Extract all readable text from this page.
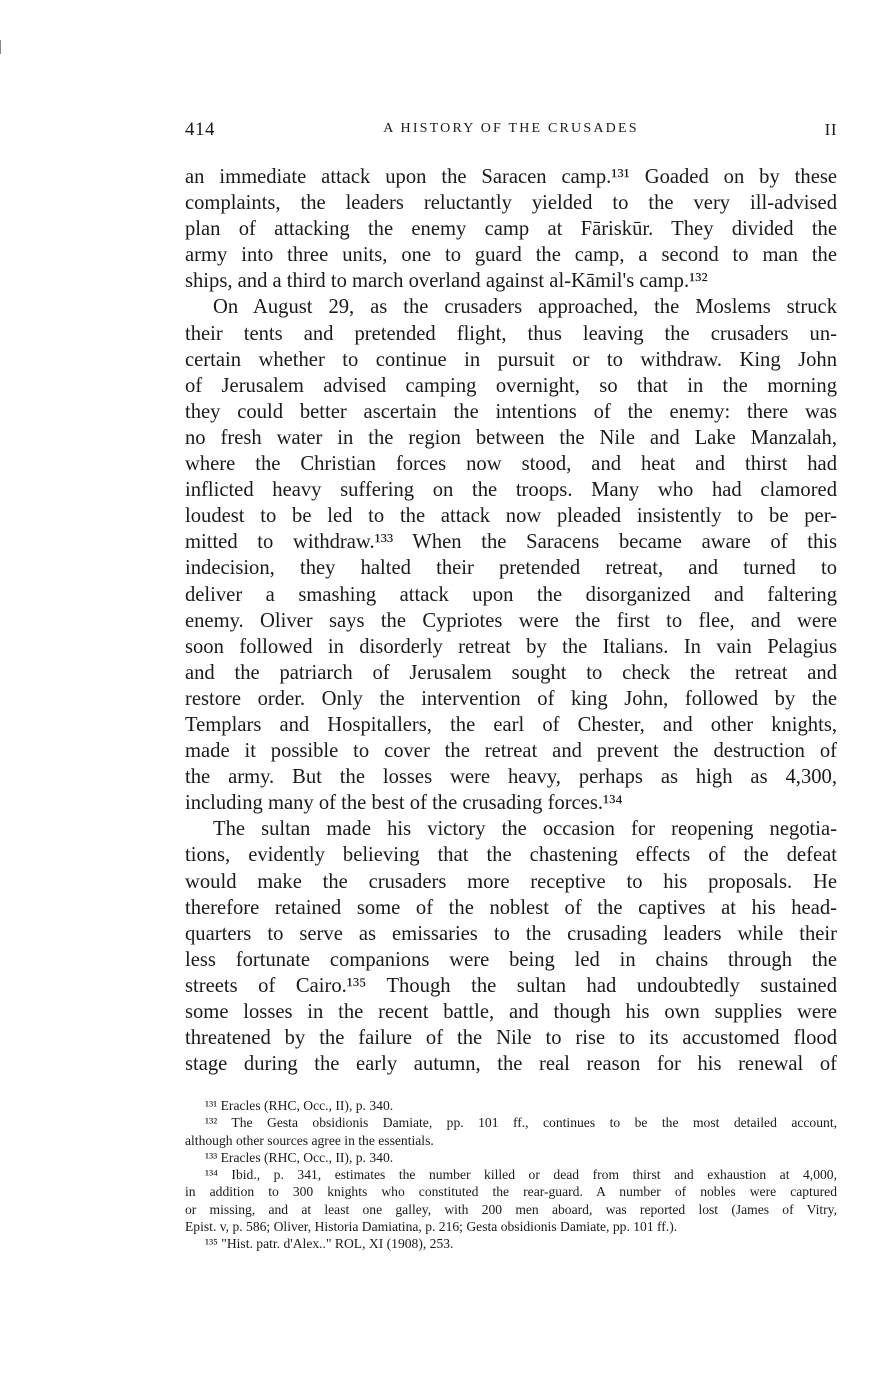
414	A HISTORY OF THE CRUSADES	II
an immediate attack upon the Saracen camp.¹³¹ Goaded on by these
complaints, the leaders reluctantly yielded to the very ill-advised
plan of attacking the enemy camp at Fāriskūr. They divided the
army into three units, one to guard the camp, a second to man the
ships, and a third to march overland against al-Kāmil's camp.¹³²
On August 29, as the crusaders approached, the Moslems struck
their tents and pretended flight, thus leaving the crusaders un-
certain whether to continue in pursuit or to withdraw. King John
of Jerusalem advised camping overnight, so that in the morning
they could better ascertain the intentions of the enemy: there was
no fresh water in the region between the Nile and Lake Manzalah,
where the Christian forces now stood, and heat and thirst had
inflicted heavy suffering on the troops. Many who had clamored
loudest to be led to the attack now pleaded insistently to be per-
mitted to withdraw.¹³³ When the Saracens became aware of this
indecision, they halted their pretended retreat, and turned to
deliver a smashing attack upon the disorganized and faltering
enemy. Oliver says the Cypriotes were the first to flee, and were
soon followed in disorderly retreat by the Italians. In vain Pelagius
and the patriarch of Jerusalem sought to check the retreat and
restore order. Only the intervention of king John, followed by the
Templars and Hospitallers, the earl of Chester, and other knights,
made it possible to cover the retreat and prevent the destruction of
the army. But the losses were heavy, perhaps as high as 4,300,
including many of the best of the crusading forces.¹³⁴
The sultan made his victory the occasion for reopening negotia-
tions, evidently believing that the chastening effects of the defeat
would make the crusaders more receptive to his proposals. He
therefore retained some of the noblest of the captives at his head-
quarters to serve as emissaries to the crusading leaders while their
less fortunate companions were being led in chains through the
streets of Cairo.¹³⁵ Though the sultan had undoubtedly sustained
some losses in the recent battle, and though his own supplies were
threatened by the failure of the Nile to rise to its accustomed flood
stage during the early autumn, the real reason for his renewal of
¹³¹ Eracles (RHC, Occ., II), p. 340.
¹³² The Gesta obsidionis Damiate, pp. 101 ff., continues to be the most detailed account,
although other sources agree in the essentials.
¹³³ Eracles (RHC, Occ., II), p. 340.
¹³⁴ Ibid., p. 341, estimates the number killed or dead from thirst and exhaustion at 4,000,
in addition to 300 knights who constituted the rear-guard. A number of nobles were captured
or missing, and at least one galley, with 200 men aboard, was reported lost (James of Vitry,
Epist. v, p. 586; Oliver, Historia Damiatina, p. 216; Gesta obsidionis Damiate, pp. 101 ff.).
¹³⁵ "Hist. patr. d'Alex.." ROL, XI (1908), 253.
